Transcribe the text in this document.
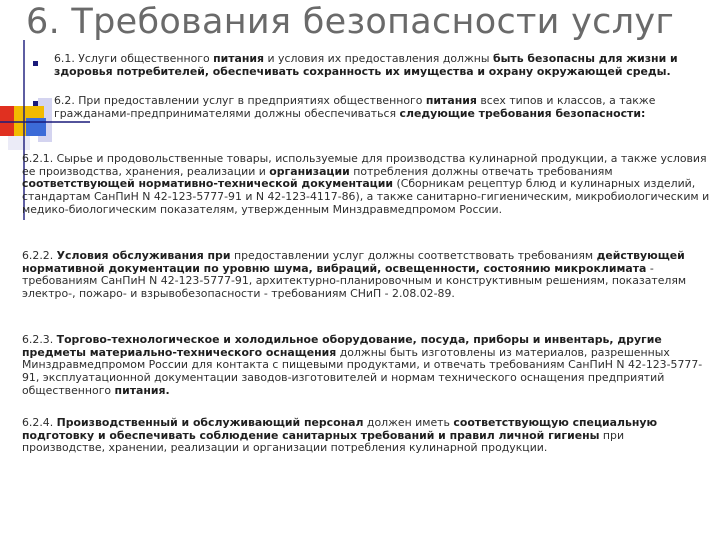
6. Требования безопасности услуг
6.1. Услуги общественного питания и условия их предоставления должны быть безопасны для жизни и здоровья потребителей, обеспечивать сохранность их имущества и охрану окружающей среды.
6.2. При предоставлении услуг в предприятиях общественного питания всех типов и классов, а также гражданами-предпринимателями должны обеспечиваться следующие требования безопасности:
6.2.1. Сырье и продовольственные товары, используемые для производства кулинарной продукции, а также условия ее производства, хранения, реализации и организации потребления должны отвечать требованиям соответствующей нормативно-технической документации (Сборникам рецептур блюд и кулинарных изделий, стандартам СанПиН N 42-123-5777-91 и N 42-123-4117-86), а также санитарно-гигиеническим, микробиологическим и медико-биологическим показателям, утвержденным Минздравмедпромом России.
6.2.2. Условия обслуживания при предоставлении услуг должны соответствовать требованиям действующей нормативной документации по уровню шума, вибраций, освещенности, состоянию микроклимата - требованиям СанПиН N 42-123-5777-91, архитектурно-планировочным и конструктивным решениям, показателям электро-, пожаро- и взрывобезопасности - требованиям СНиП - 2.08.02-89.
6.2.3. Торгово-технологическое и холодильное оборудование, посуда, приборы и инвентарь, другие предметы материально-технического оснащения должны быть изготовлены из материалов, разрешенных Минздравмедпромом России для контакта с пищевыми продуктами, и отвечать требованиям СанПиН N 42-123-5777-91, эксплуатационной документации заводов-изготовителей и нормам технического оснащения предприятий общественного питания.
6.2.4. Производственный и обслуживающий персонал должен иметь соответствующую специальную подготовку и обеспечивать соблюдение санитарных требований и правил личной гигиены при производстве, хранении, реализации и организации потребления кулинарной продукции.
